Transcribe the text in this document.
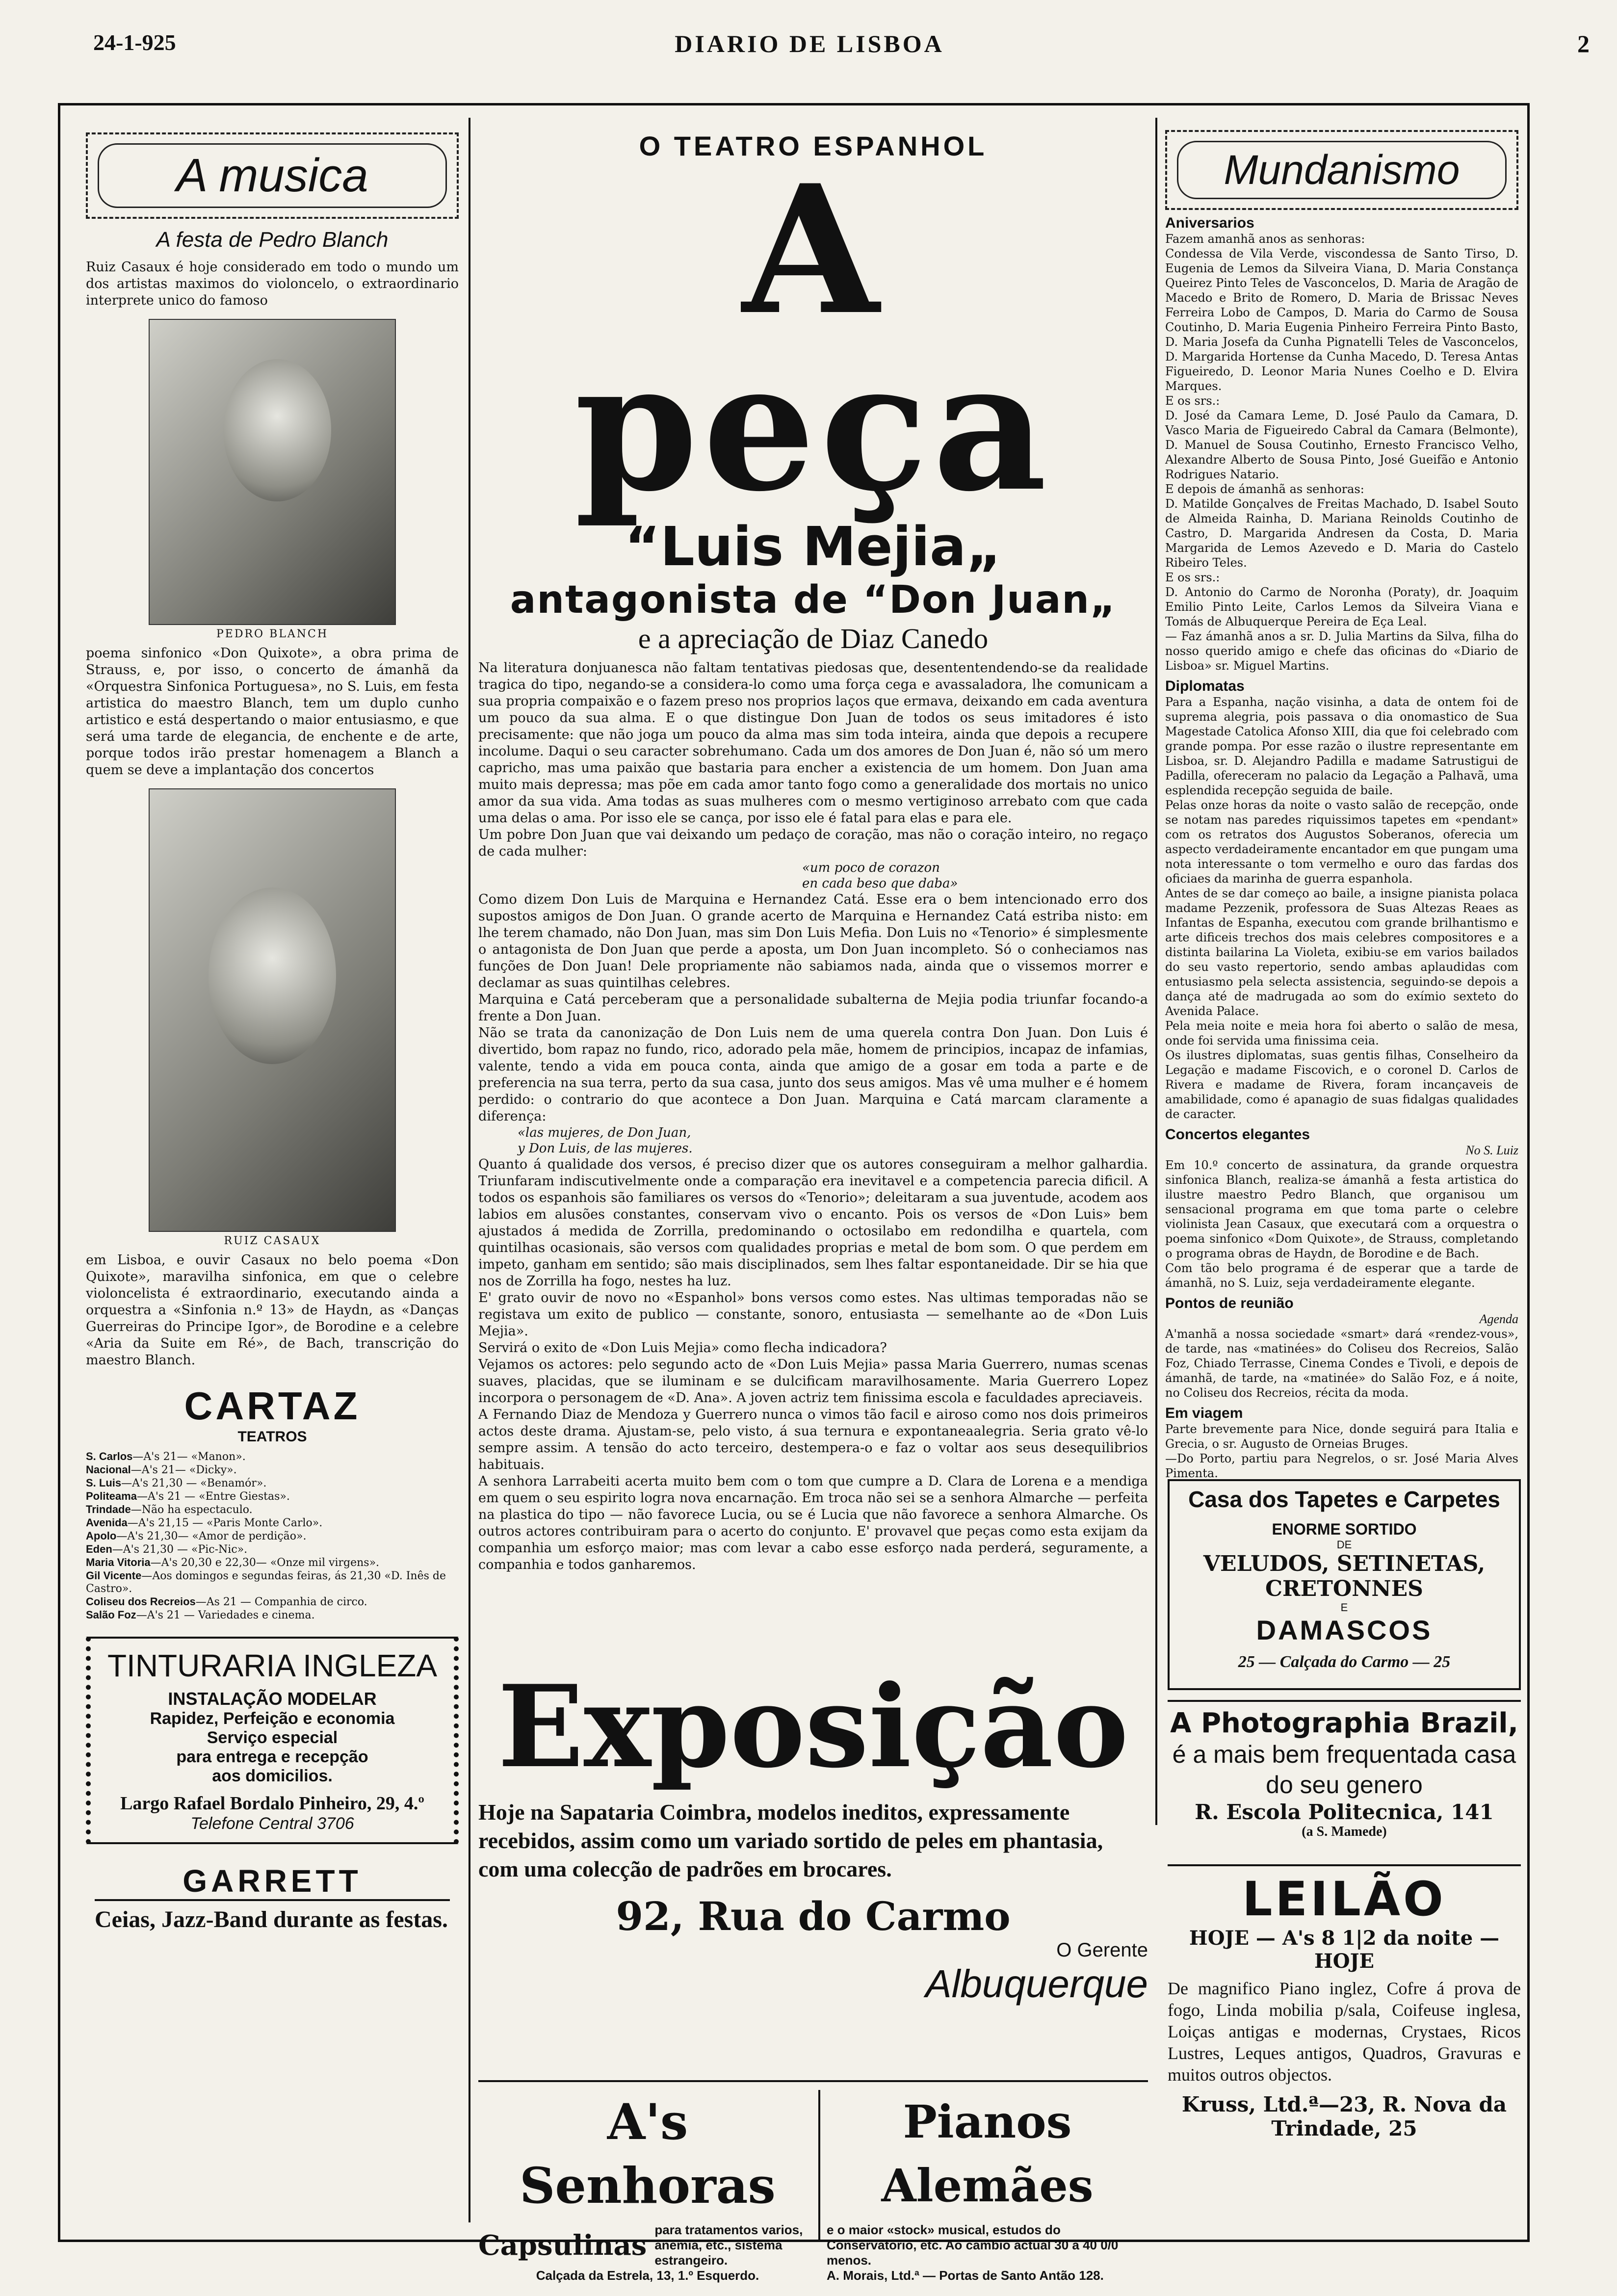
24-1-925	DIARIO DE LISBOA	2
A musica
A festa de Pedro Blanch
Ruiz Casaux é hoje considerado em todo o mundo um dos artistas maximos do violoncelo, o extraordinario interprete unico do famoso
PEDRO BLANCH
poema sinfonico «Don Quixote», a obra prima de Strauss, e, por isso, o concerto de ámanhã da «Orquestra Sinfonica Portuguesa», no S. Luis, em festa artistica do maestro Blanch, tem um duplo cunho artistico e está despertando o maior entusiasmo, e que será uma tarde de elegancia, de enchente e de arte, porque todos irão prestar homenagem a Blanch a quem se deve a implantação dos concertos
RUIZ CASAUX
em Lisboa, e ouvir Casaux no belo poema «Don Quixote», maravilha sinfonica, em que o celebre violoncelista é extraordinario, executando ainda a orquestra a «Sinfonia n.º 13» de Haydn, as «Danças Guerreiras do Principe Igor», de Borodine e a celebre «Aria da Suite em Ré», de Bach, transcrição do maestro Blanch.
CARTAZ
TEATROS
S. Carlos—A's 21— «Manon».
Nacional—A's 21— «Dicky».
S. Luis—A's 21,30 — «Benamór».
Politeama—A's 21 — «Entre Giestas».
Trindade—Não ha espectaculo.
Avenida—A's 21,15 — «Paris Monte Carlo».
Apolo—A's 21,30— «Amor de perdição».
Eden—A's 21,30 — «Pic-Nic».
Maria Vitoria—A's 20,30 e 22,30— «Onze mil virgens».
Gil Vicente—Aos domingos e segundas feiras, ás 21,30 «D. Inês de Castro».
Coliseu dos Recreios—As 21 — Companhia de circo.
Salão Foz—A's 21 — Variedades e cinema.
TINTURARIA INGLEZA
INSTALAÇÃO MODELAR
Rapidez, Perfeição e economia
Serviço especial
para entrega e recepção
aos domicilios.
Largo Rafael Bordalo Pinheiro, 29, 4.º
Telefone Central 3706
GARRETT
Ceias, Jazz-Band durante as festas.
O TEATRO ESPANHOL
A peça
“Luis Mejia„
antagonista de “Don Juan„
e a apreciação de Diaz Canedo
Na literatura donjuanesca não faltam tentativas piedosas que, desententendendo-se da realidade tragica do tipo, negando-se a considera-lo como uma força cega e avassaladora, lhe comunicam a sua propria compaixão e o fazem preso nos proprios laços que ermava, deixando em cada aventura um pouco da sua alma. E o que distingue Don Juan de todos os seus imitadores é isto precisamente: que não joga um pouco da alma mas sim toda inteira, ainda que depois a recupere incolume. Daqui o seu caracter sobrehumano. Cada um dos amores de Don Juan é, não só um mero capricho, mas uma paixão que bastaria para encher a existencia de um homem. Don Juan ama muito mais depressa; mas põe em cada amor tanto fogo como a generalidade dos mortais no unico amor da sua vida. Ama todas as suas mulheres com o mesmo vertiginoso arrebato com que cada uma delas o ama. Por isso ele se cança, por isso ele é fatal para elas e para ele.
Um pobre Don Juan que vai deixando um pedaço de coração, mas não o coração inteiro, no regaço de cada mulher:
«um poco de corazon
en cada beso que daba»
Como dizem Don Luis de Marquina e Hernandez Catá. Esse era o bem intencionado erro dos supostos amigos de Don Juan. O grande acerto de Marquina e Hernandez Catá estriba nisto: em lhe terem chamado, não Don Juan, mas sim Don Luis Mefia. Don Luis no «Tenorio» é simplesmente o antagonista de Don Juan que perde a aposta, um Don Juan incompleto. Só o conheciamos nas funções de Don Juan! Dele propriamente não sabiamos nada, ainda que o vissemos morrer e declamar as suas quintilhas celebres.
Marquina e Catá perceberam que a personalidade subalterna de Mejia podia triunfar focando-a frente a Don Juan.
Não se trata da canonização de Don Luis nem de uma querela contra Don Juan. Don Luis é divertido, bom rapaz no fundo, rico, adorado pela mãe, homem de principios, incapaz de infamias, valente, tendo a vida em pouca conta, ainda que amigo de a gosar em toda a parte e de preferencia na sua terra, perto da sua casa, junto dos seus amigos. Mas vê uma mulher e é homem perdido: o contrario do que acontece a Don Juan. Marquina e Catá marcam claramente a diferença:
«las mujeres, de Don Juan,
y Don Luis, de las mujeres.
Quanto á qualidade dos versos, é preciso dizer que os autores conseguiram a melhor galhardia. Triunfaram indiscutivelmente onde a comparação era inevitavel e a competencia parecia dificil. A todos os espanhois são familiares os versos do «Tenorio»; deleitaram a sua juventude, acodem aos labios em alusões constantes, conservam vivo o encanto. Pois os versos de «Don Luis» bem ajustados á medida de Zorrilla, predominando o octosilabo em redondilha e quartela, com quintilhas ocasionais, são versos com qualidades proprias e metal de bom som. O que perdem em impeto, ganham em sentido; são mais disciplinados, sem lhes faltar espontaneidade. Dir se hia que nos de Zorrilla ha fogo, nestes ha luz.
E' grato ouvir de novo no «Espanhol» bons versos como estes. Nas ultimas temporadas não se registava um exito de publico — constante, sonoro, entusiasta — semelhante ao de «Don Luis Mejia».
Servirá o exito de «Don Luis Mejia» como flecha indicadora?
Vejamos os actores: pelo segundo acto de «Don Luis Mejia» passa Maria Guerrero, numas scenas suaves, placidas, que se iluminam e se dulcificam maravilhosamente. Maria Guerrero Lopez incorpora o personagem de «D. Ana». A joven actriz tem finissima escola e faculdades apreciaveis.
A Fernando Diaz de Mendoza y Guerrero nunca o vimos tão facil e airoso como nos dois primeiros actos deste drama. Ajustam-se, pelo visto, á sua ternura e expontaneaalegria. Seria grato vê-lo sempre assim. A tensão do acto terceiro, destempera-o e faz o voltar aos seus desequilibrios habituais.
A senhora Larrabeiti acerta muito bem com o tom que cumpre a D. Clara de Lorena e a mendiga em quem o seu espirito logra nova encarnação. Em troca não sei se a senhora Almarche — perfeita na plastica do tipo — não favorece Lucia, ou se é Lucia que não favorece a senhora Almarche. Os outros actores contribuiram para o acerto do conjunto. E' provavel que peças como esta exijam da companhia um esforço maior; mas com levar a cabo esse esforço nada perderá, seguramente, a companhia e todos ganharemos.
Exposição
Hoje na Sapataria Coimbra, modelos ineditos, expressamente recebidos, assim como um variado sortido de peles em phantasia, com uma colecção de padrões em brocares.
92, Rua do Carmo
O Gerente
Albuquerque
A's Senhoras
Capsulinas para tratamentos varios, anemia, etc., sistema estrangeiro.
Calçada da Estrela, 13, 1.º Esquerdo.
Pianos Alemães
e o maior «stock» musical, estudos do Conservatorio, etc. Ao cambio actual 30 a 40 0/0 menos.
A. Morais, Ltd.ª — Portas de Santo Antão 128.
Mundanismo
Aniversarios
Fazem amanhã anos as senhoras:
Condessa de Vila Verde, viscondessa de Santo Tirso, D. Eugenia de Lemos da Silveira Viana, D. Maria Constança Queirez Pinto Teles de Vasconcelos, D. Maria de Aragão de Macedo e Brito de Romero, D. Maria de Brissac Neves Ferreira Lobo de Campos, D. Maria do Carmo de Sousa Coutinho, D. Maria Eugenia Pinheiro Ferreira Pinto Basto, D. Maria Josefa da Cunha Pignatelli Teles de Vasconcelos, D. Margarida Hortense da Cunha Macedo, D. Teresa Antas Figueiredo, D. Leonor Maria Nunes Coelho e D. Elvira Marques.
E os srs.:
D. José da Camara Leme, D. José Paulo da Camara, D. Vasco Maria de Figueiredo Cabral da Camara (Belmonte), D. Manuel de Sousa Coutinho, Ernesto Francisco Velho, Alexandre Alberto de Sousa Pinto, José Gueifão e Antonio Rodrigues Natario.
E depois de ámanhã as senhoras:
D. Matilde Gonçalves de Freitas Machado, D. Isabel Souto de Almeida Rainha, D. Mariana Reinolds Coutinho de Castro, D. Margarida Andresen da Costa, D. Maria Margarida de Lemos Azevedo e D. Maria do Castelo Ribeiro Teles.
E os srs.:
D. Antonio do Carmo de Noronha (Poraty), dr. Joaquim Emilio Pinto Leite, Carlos Lemos da Silveira Viana e Tomás de Albuquerque Pereira de Eça Leal.
— Faz ámanhã anos a sr. D. Julia Martins da Silva, filha do nosso querido amigo e chefe das oficinas do «Diario de Lisboa» sr. Miguel Martins.
Diplomatas
Para a Espanha, nação visinha, a data de ontem foi de suprema alegria, pois passava o dia onomastico de Sua Magestade Catolica Afonso XIII, dia que foi celebrado com grande pompa. Por esse razão o ilustre representante em Lisboa, sr. D. Alejandro Padilla e madame Satrustigui de Padilla, ofereceram no palacio da Legação a Palhavã, uma esplendida recepção seguida de baile.
Pelas onze horas da noite o vasto salão de recepção, onde se notam nas paredes riquissimos tapetes em «pendant» com os retratos dos Augustos Soberanos, oferecia um aspecto verdadeiramente encantador em que pungam uma nota interessante o tom vermelho e ouro das fardas dos oficiaes da marinha de guerra espanhola.
Antes de se dar começo ao baile, a insigne pianista polaca madame Pezzenik, professora de Suas Altezas Reaes as Infantas de Espanha, executou com grande brilhantismo e arte dificeis trechos dos mais celebres compositores e a distinta bailarina La Violeta, exibiu-se em varios bailados do seu vasto repertorio, sendo ambas aplaudidas com entusiasmo pela selecta assistencia, seguindo-se depois a dança até de madrugada ao som do exímio sexteto do Avenida Palace.
Pela meia noite e meia hora foi aberto o salão de mesa, onde foi servida uma finissima ceia.
Os ilustres diplomatas, suas gentis filhas, Conselheiro da Legação e madame Fiscovich, e o coronel D. Carlos de Rivera e madame de Rivera, foram incançaveis de amabilidade, como é apanagio de suas fidalgas qualidades de caracter.
Concertos elegantes
No S. Luiz
Em 10.º concerto de assinatura, da grande orquestra sinfonica Blanch, realiza-se ámanhã a festa artistica do ilustre maestro Pedro Blanch, que organisou um sensacional programa em que toma parte o celebre violinista Jean Casaux, que executará com a orquestra o poema sinfonico «Dom Quixote», de Strauss, completando o programa obras de Haydn, de Borodine e de Bach.
Com tão belo programa é de esperar que a tarde de ámanhã, no S. Luiz, seja verdadeiramente elegante.
Pontos de reunião
Agenda
A'manhã a nossa sociedade «smart» dará «rendez-vous», de tarde, nas «matinées» do Coliseu dos Recreios, Salão Foz, Chiado Terrasse, Cinema Condes e Tivoli, e depois de ámanhã, de tarde, na «matinée» do Salão Foz, e á noite, no Coliseu dos Recreios, récita da moda.
Em viagem
Parte brevemente para Nice, donde seguirá para Italia e Grecia, o sr. Augusto de Orneias Bruges.
—Do Porto, partiu para Negrelos, o sr. José Maria Alves Pimenta.
Casa dos Tapetes e Carpetes
ENORME SORTIDO
DE
VELUDOS, SETINETAS, CRETONNES
E
DAMASCOS
25 — Calçada do Carmo — 25
A Photographia Brazil,
é a mais bem frequentada casa do seu genero
R. Escola Politecnica, 141
(a S. Mamede)
LEILÃO
HOJE — A's 8 1|2 da noite — HOJE
De magnifico Piano inglez, Cofre á prova de fogo, Linda mobilia p/sala, Coifeuse inglesa, Loiças antigas e modernas, Crystaes, Ricos Lustres, Leques antigos, Quadros, Gravuras e muitos outros objectos.
Kruss, Ltd.ª—23, R. Nova da Trindade, 25
